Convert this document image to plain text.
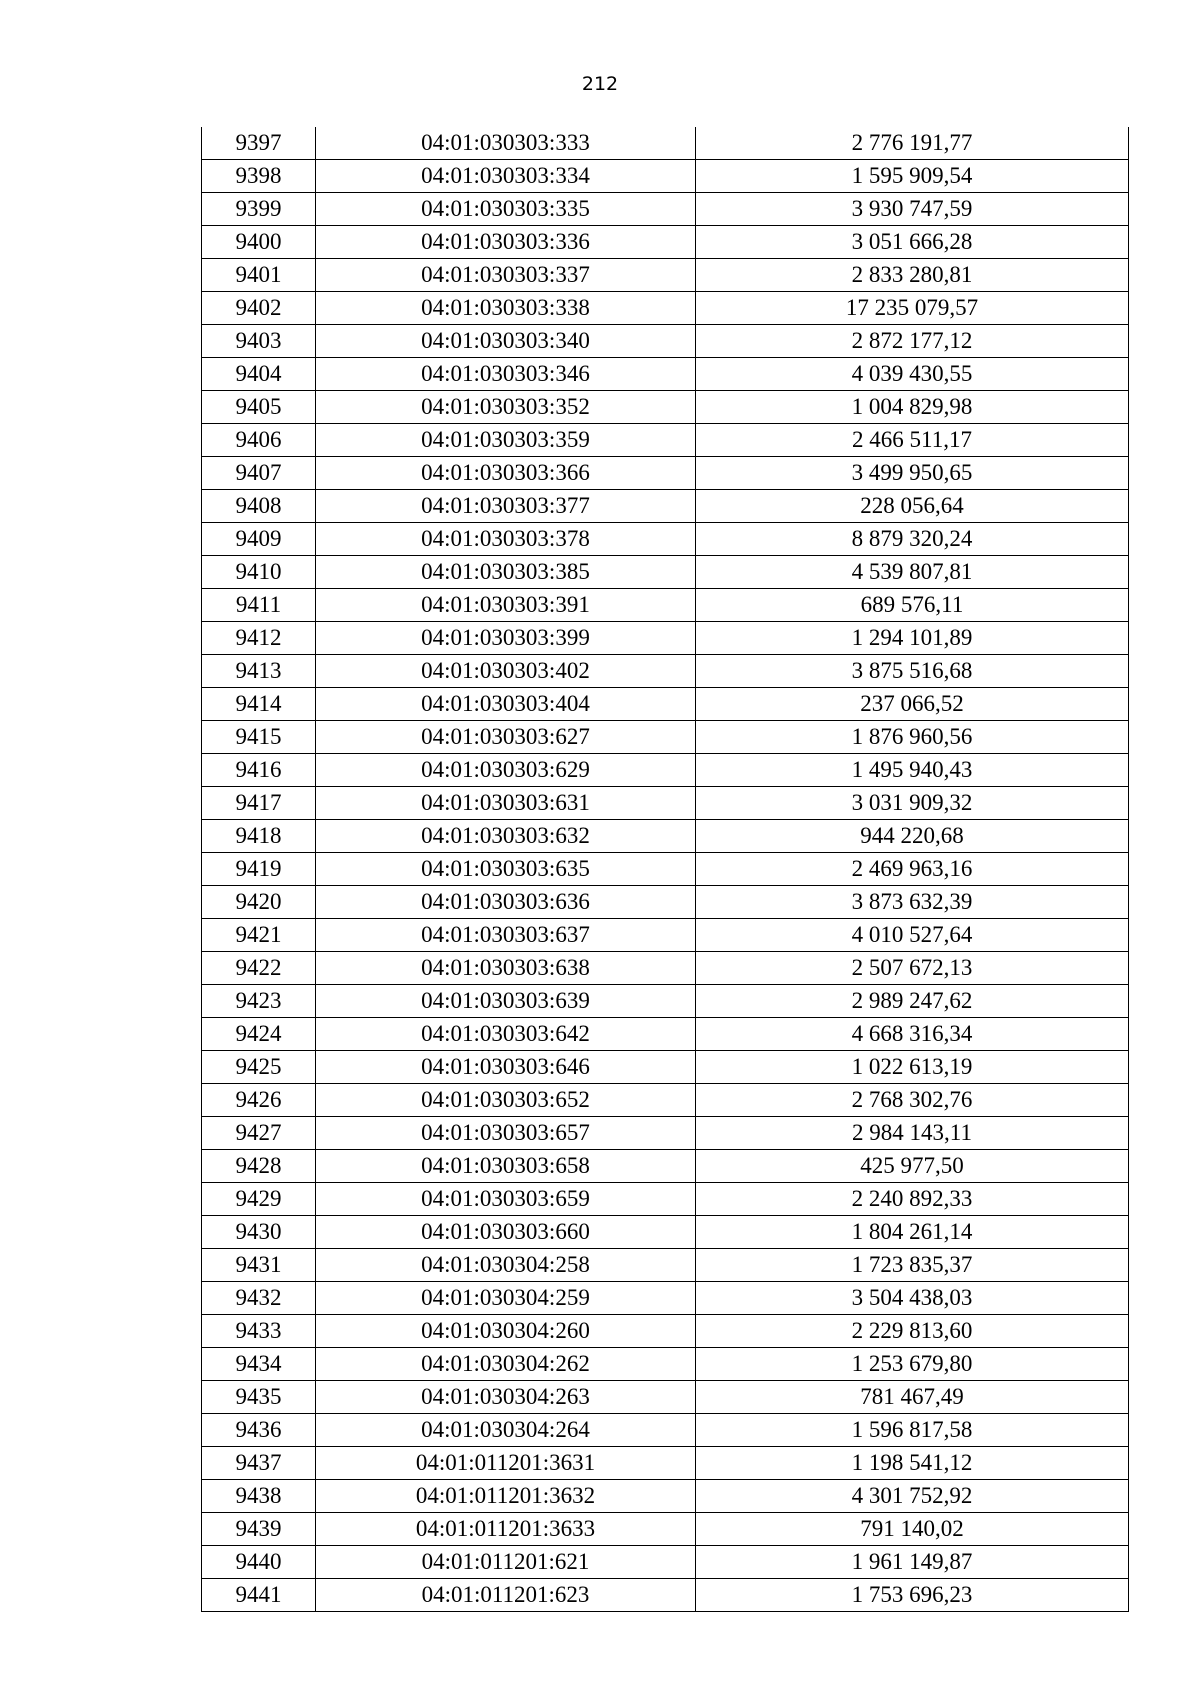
212
9397	04:01:030303:333	2 776 191,77
9398	04:01:030303:334	1 595 909,54
9399	04:01:030303:335	3 930 747,59
9400	04:01:030303:336	3 051 666,28
9401	04:01:030303:337	2 833 280,81
9402	04:01:030303:338	17 235 079,57
9403	04:01:030303:340	2 872 177,12
9404	04:01:030303:346	4 039 430,55
9405	04:01:030303:352	1 004 829,98
9406	04:01:030303:359	2 466 511,17
9407	04:01:030303:366	3 499 950,65
9408	04:01:030303:377	228 056,64
9409	04:01:030303:378	8 879 320,24
9410	04:01:030303:385	4 539 807,81
9411	04:01:030303:391	689 576,11
9412	04:01:030303:399	1 294 101,89
9413	04:01:030303:402	3 875 516,68
9414	04:01:030303:404	237 066,52
9415	04:01:030303:627	1 876 960,56
9416	04:01:030303:629	1 495 940,43
9417	04:01:030303:631	3 031 909,32
9418	04:01:030303:632	944 220,68
9419	04:01:030303:635	2 469 963,16
9420	04:01:030303:636	3 873 632,39
9421	04:01:030303:637	4 010 527,64
9422	04:01:030303:638	2 507 672,13
9423	04:01:030303:639	2 989 247,62
9424	04:01:030303:642	4 668 316,34
9425	04:01:030303:646	1 022 613,19
9426	04:01:030303:652	2 768 302,76
9427	04:01:030303:657	2 984 143,11
9428	04:01:030303:658	425 977,50
9429	04:01:030303:659	2 240 892,33
9430	04:01:030303:660	1 804 261,14
9431	04:01:030304:258	1 723 835,37
9432	04:01:030304:259	3 504 438,03
9433	04:01:030304:260	2 229 813,60
9434	04:01:030304:262	1 253 679,80
9435	04:01:030304:263	781 467,49
9436	04:01:030304:264	1 596 817,58
9437	04:01:011201:3631	1 198 541,12
9438	04:01:011201:3632	4 301 752,92
9439	04:01:011201:3633	791 140,02
9440	04:01:011201:621	1 961 149,87
9441	04:01:011201:623	1 753 696,23
